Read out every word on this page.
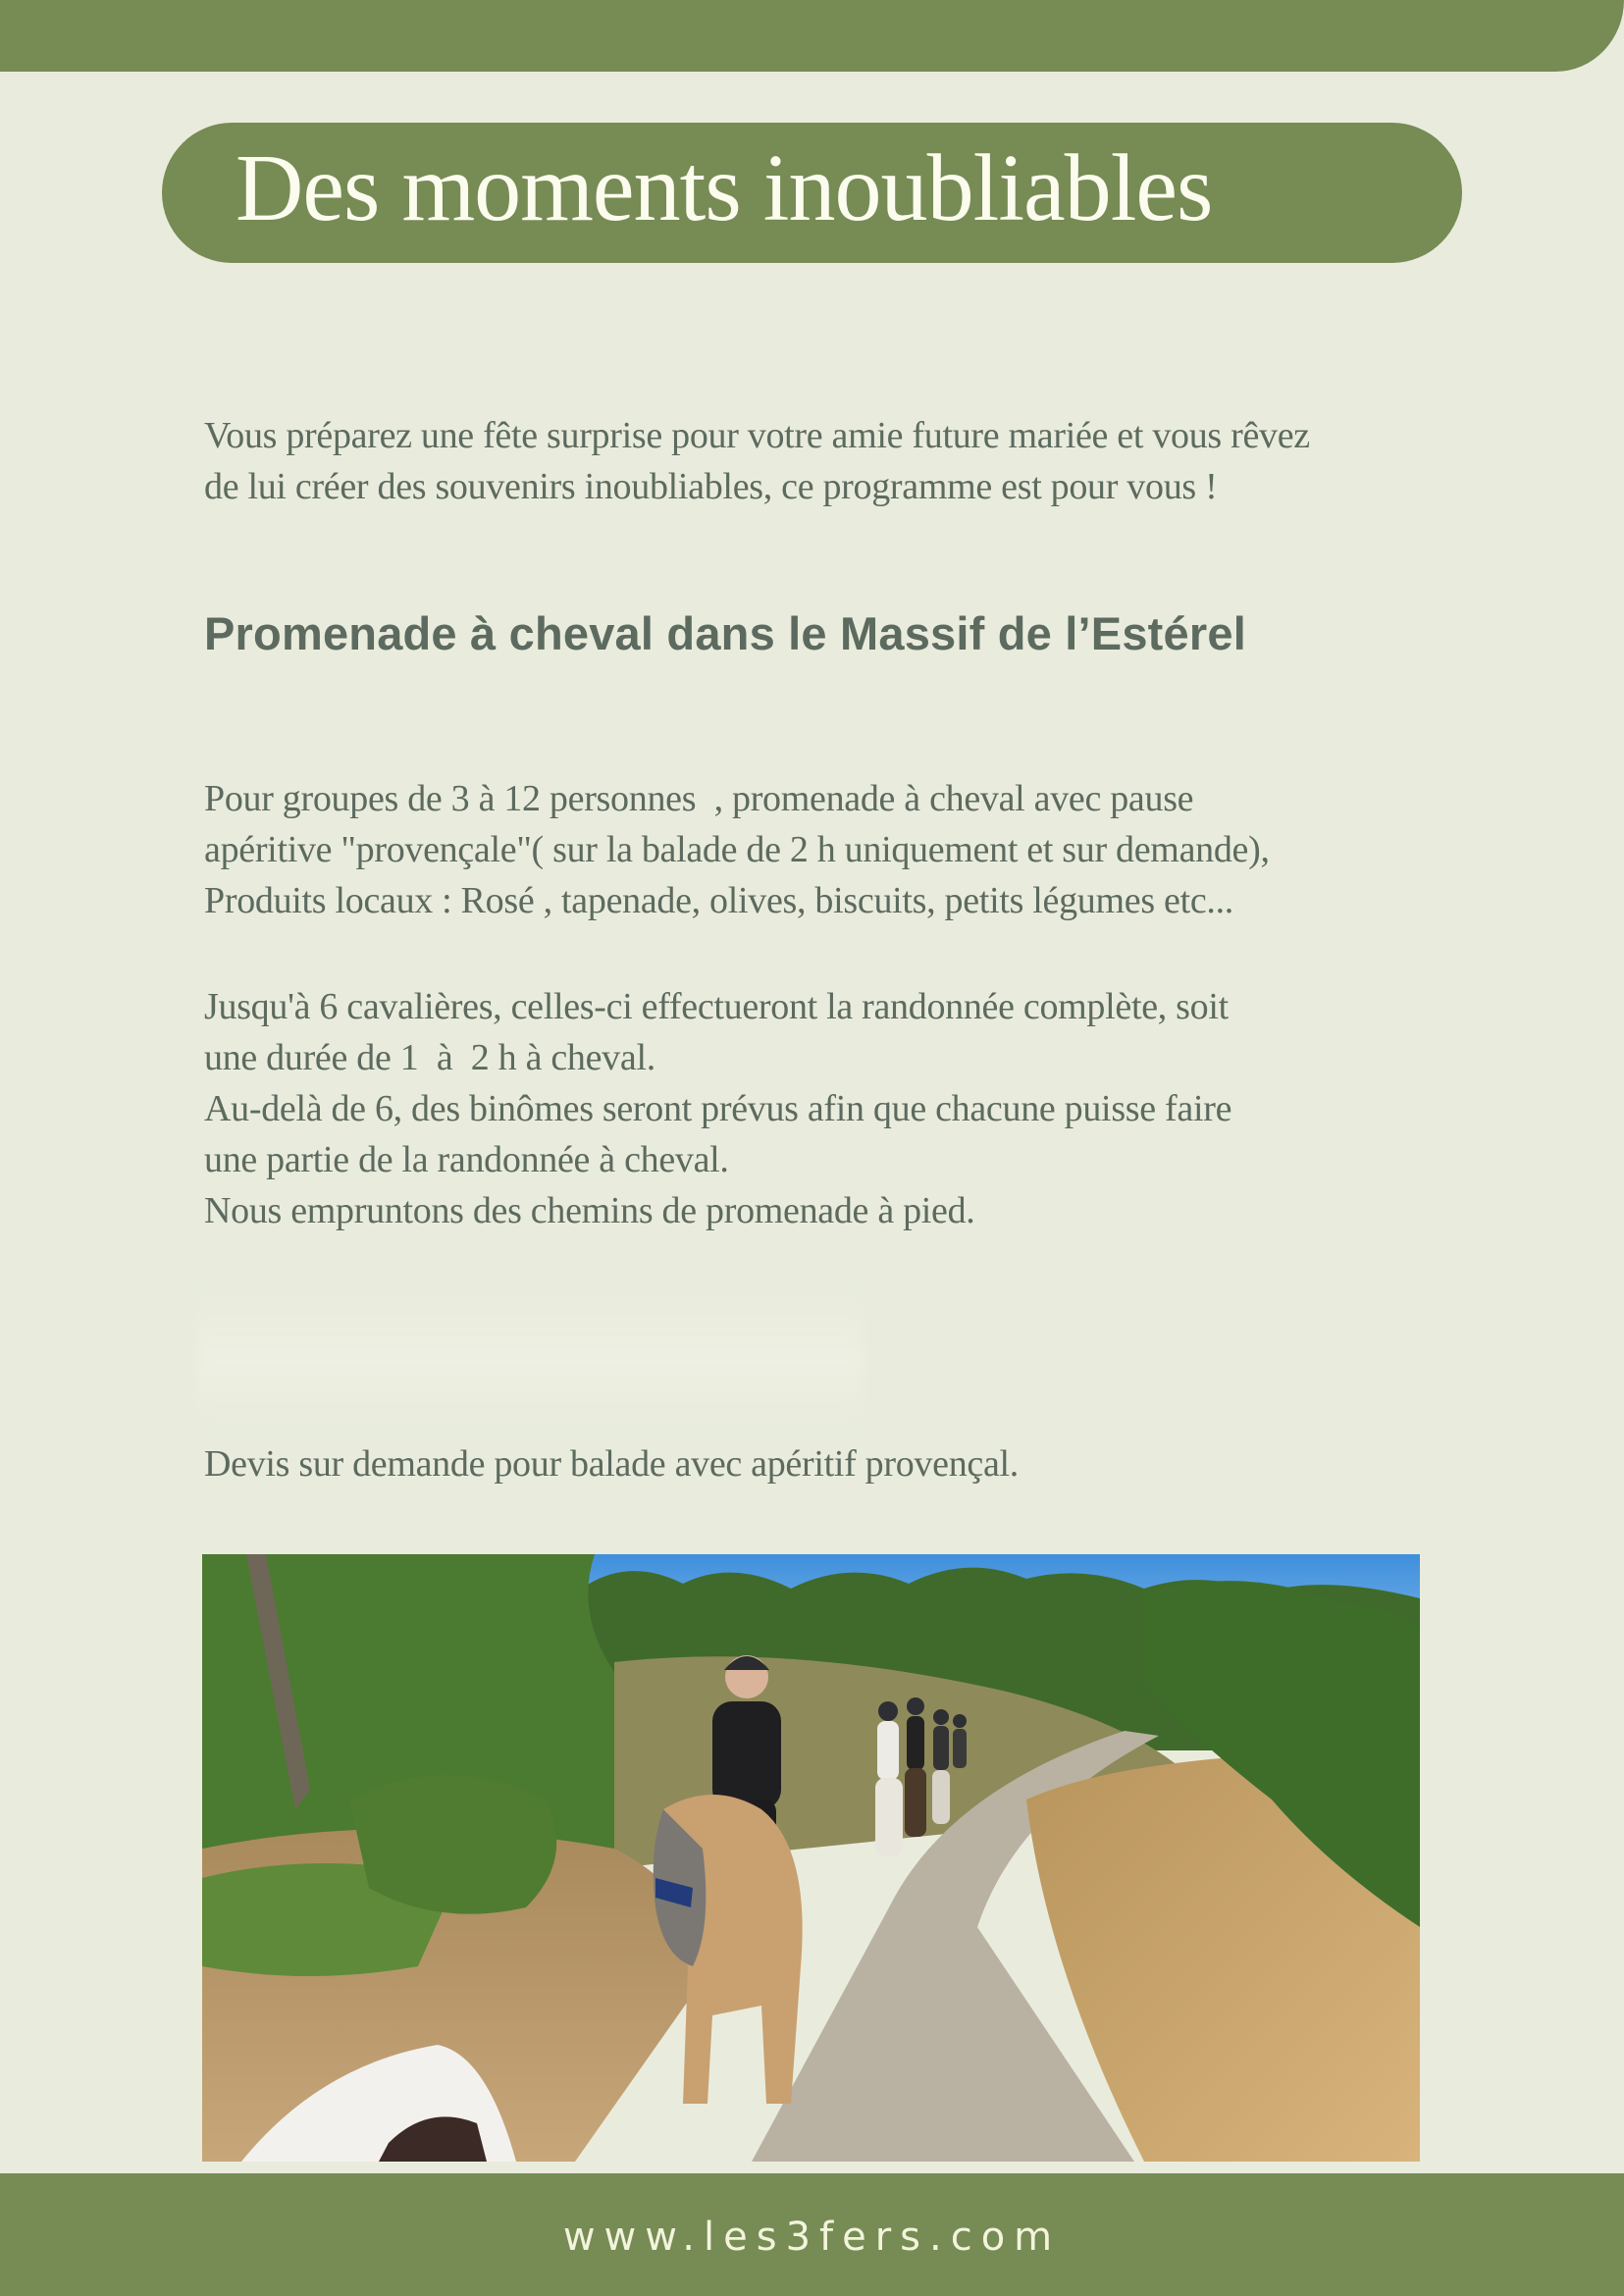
Des moments inoubliables
Vous préparez une fête surprise pour votre amie future mariée et vous rêvez
de lui créer des souvenirs inoubliables, ce programme est pour vous !
Promenade à cheval dans le Massif de l’Estérel
Pour groupes de 3 à 12 personnes  , promenade à cheval avec pause
apéritive "provençale"( sur la balade de 2 h uniquement et sur demande),
Produits locaux : Rosé , tapenade, olives, biscuits, petits légumes etc...
Jusqu'à 6 cavalières, celles-ci effectueront la randonnée complète, soit
une durée de 1  à  2 h à cheval.
Au-delà de 6, des binômes seront prévus afin que chacune puisse faire
une partie de la randonnée à cheval.
Nous empruntons des chemins de promenade à pied.
Devis sur demande pour balade avec apéritif provençal.
www.les3fers.com
